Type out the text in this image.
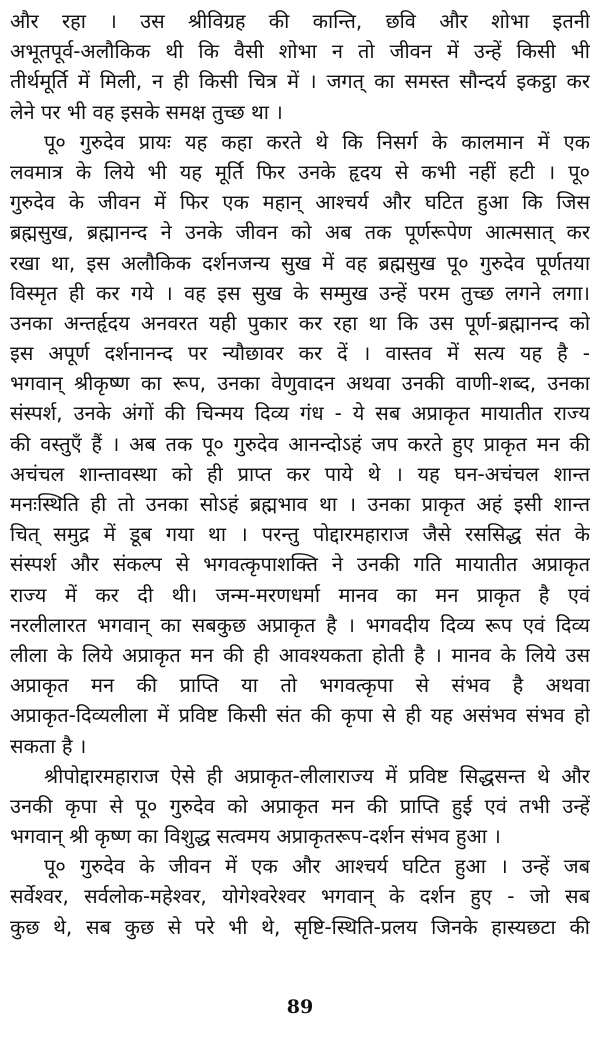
और रहा । उस श्रीविग्रह की कान्ति, छवि और शोभा इतनी
अभूतपूर्व-अलौकिक थी कि वैसी शोभा न तो जीवन में उन्हें किसी भी
तीर्थमूर्ति में मिली, न ही किसी चित्र में । जगत् का समस्त सौन्दर्य इकट्ठा कर
लेने पर भी वह इसके समक्ष तुच्छ था ।
पू० गुरुदेव प्रायः यह कहा करते थे कि निसर्ग के कालमान में एक
लवमात्र के लिये भी यह मूर्ति फिर उनके हृदय से कभी नहीं हटी । पू०
गुरुदेव के जीवन में फिर एक महान् आश्चर्य और घटित हुआ कि जिस
ब्रह्मसुख, ब्रह्मानन्द ने उनके जीवन को अब तक पूर्णरूपेण आत्मसात् कर
रखा था, इस अलौकिक दर्शनजन्य सुख में वह ब्रह्मसुख पू० गुरुदेव पूर्णतया
विस्मृत ही कर गये । वह इस सुख के सम्मुख उन्हें परम तुच्छ लगने लगा।
उनका अन्तर्हृदय अनवरत यही पुकार कर रहा था कि उस पूर्ण-ब्रह्मानन्द को
इस अपूर्ण दर्शनानन्द पर न्यौछावर कर दें । वास्तव में सत्य यह है -
भगवान् श्रीकृष्ण का रूप, उनका वेणुवादन अथवा उनकी वाणी-शब्द, उनका
संस्पर्श, उनके अंगों की चिन्मय दिव्य गंध - ये सब अप्राकृत मायातीत राज्य
की वस्तुएँ हैं । अब तक पू० गुरुदेव आनन्दोऽहं जप करते हुए प्राकृत मन की
अचंचल शान्तावस्था को ही प्राप्त कर पाये थे । यह घन-अचंचल शान्त
मनःस्थिति ही तो उनका सोऽहं ब्रह्मभाव था । उनका प्राकृत अहं इसी शान्त
चित् समुद्र में डूब गया था । परन्तु पोद्दारमहाराज जैसे रससिद्ध संत के
संस्पर्श और संकल्प से भगवत्कृपाशक्ति ने उनकी गति मायातीत अप्राकृत
राज्य में कर दी थी। जन्म-मरणधर्मा मानव का मन प्राकृत है एवं
नरलीलारत भगवान् का सबकुछ अप्राकृत है । भगवदीय दिव्य रूप एवं दिव्य
लीला के लिये अप्राकृत मन की ही आवश्यकता होती है । मानव के लिये उस
अप्राकृत मन की प्राप्ति या तो भगवत्कृपा से संभव है अथवा
अप्राकृत-दिव्यलीला में प्रविष्ट किसी संत की कृपा से ही यह असंभव संभव हो
सकता है ।
श्रीपोद्दारमहाराज ऐसे ही अप्राकृत-लीलाराज्य में प्रविष्ट सिद्धसन्त थे और
उनकी कृपा से पू० गुरुदेव को अप्राकृत मन की प्राप्ति हुई एवं तभी उन्हें
भगवान् श्री कृष्ण का विशुद्ध सत्वमय अप्राकृतरूप-दर्शन संभव हुआ ।
पू० गुरुदेव के जीवन में एक और आश्चर्य घटित हुआ । उन्हें जब
सर्वेश्वर, सर्वलोक-महेश्वर, योगेश्वरेश्वर भगवान् के दर्शन हुए - जो सब
कुछ थे, सब कुछ से परे भी थे, सृष्टि-स्थिति-प्रलय जिनके हास्यछटा की
89
